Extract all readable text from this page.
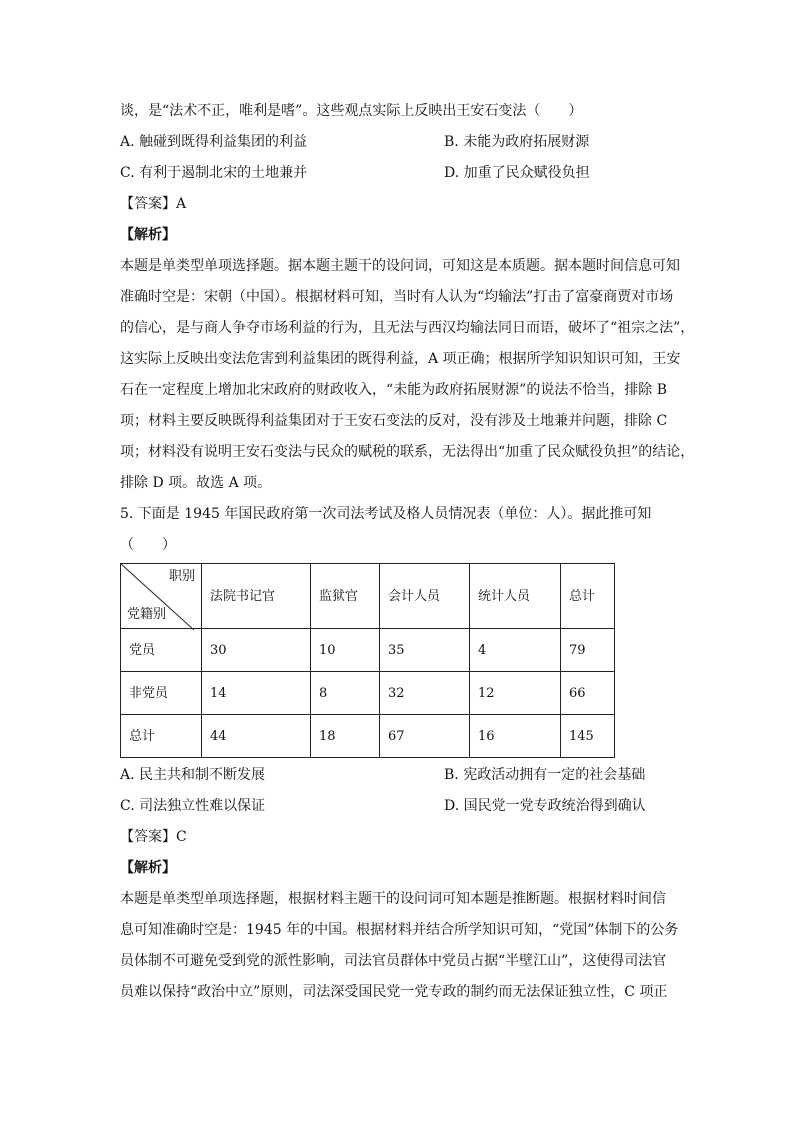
谈，是“法术不正，唯利是嗜”。这些观点实际上反映出王安石变法（　　）

A. 触碰到既得利益集团的利益	B. 未能为政府拓展财源
C. 有利于遏制北宋的土地兼并	D. 加重了民众赋役负担

【答案】A

【解析】

本题是单类型单项选择题。据本题主题干的设问词，可知这是本质题。据本题时间信息可知

准确时空是：宋朝（中国）。根据材料可知，当时有人认为“均输法”打击了富豪商贾对市场

的信心，是与商人争夺市场利益的行为，且无法与西汉均输法同日而语，破坏了“祖宗之法”，

这实际上反映出变法危害到利益集团的既得利益，A 项正确；根据所学知识知识可知，王安

石在一定程度上增加北宋政府的财政收入，“未能为政府拓展财源”的说法不恰当，排除 B

项；材料主要反映既得利益集团对于王安石变法的反对，没有涉及土地兼并问题，排除 C

项；材料没有说明王安石变法与民众的赋税的联系，无法得出“加重了民众赋役负担”的结论，

排除 D 项。故选 A 项。

5. 下面是 1945 年国民政府第一次司法考试及格人员情况表（单位：人）。据此推可知

（　　）

职别
党籍别	法院书记官	监狱官	会计人员	统计人员	总计
党员	30	10	35	4	79
非党员	14	8	32	12	66
总计	44	18	67	16	145
A. 民主共和制不断发展	B. 宪政活动拥有一定的社会基础
C. 司法独立性难以保证	D. 国民党一党专政统治得到确认

【答案】C

【解析】

本题是单类型单项选择题，根据材料主题干的设问词可知本题是推断题。根据材料时间信

息可知准确时空是：1945 年的中国。根据材料并结合所学知识可知，“党国”体制下的公务

员体制不可避免受到党的派性影响，司法官员群体中党员占据“半壁江山”，这使得司法官

员难以保持“政治中立”原则，司法深受国民党一党专政的制约而无法保证独立性，C 项正
